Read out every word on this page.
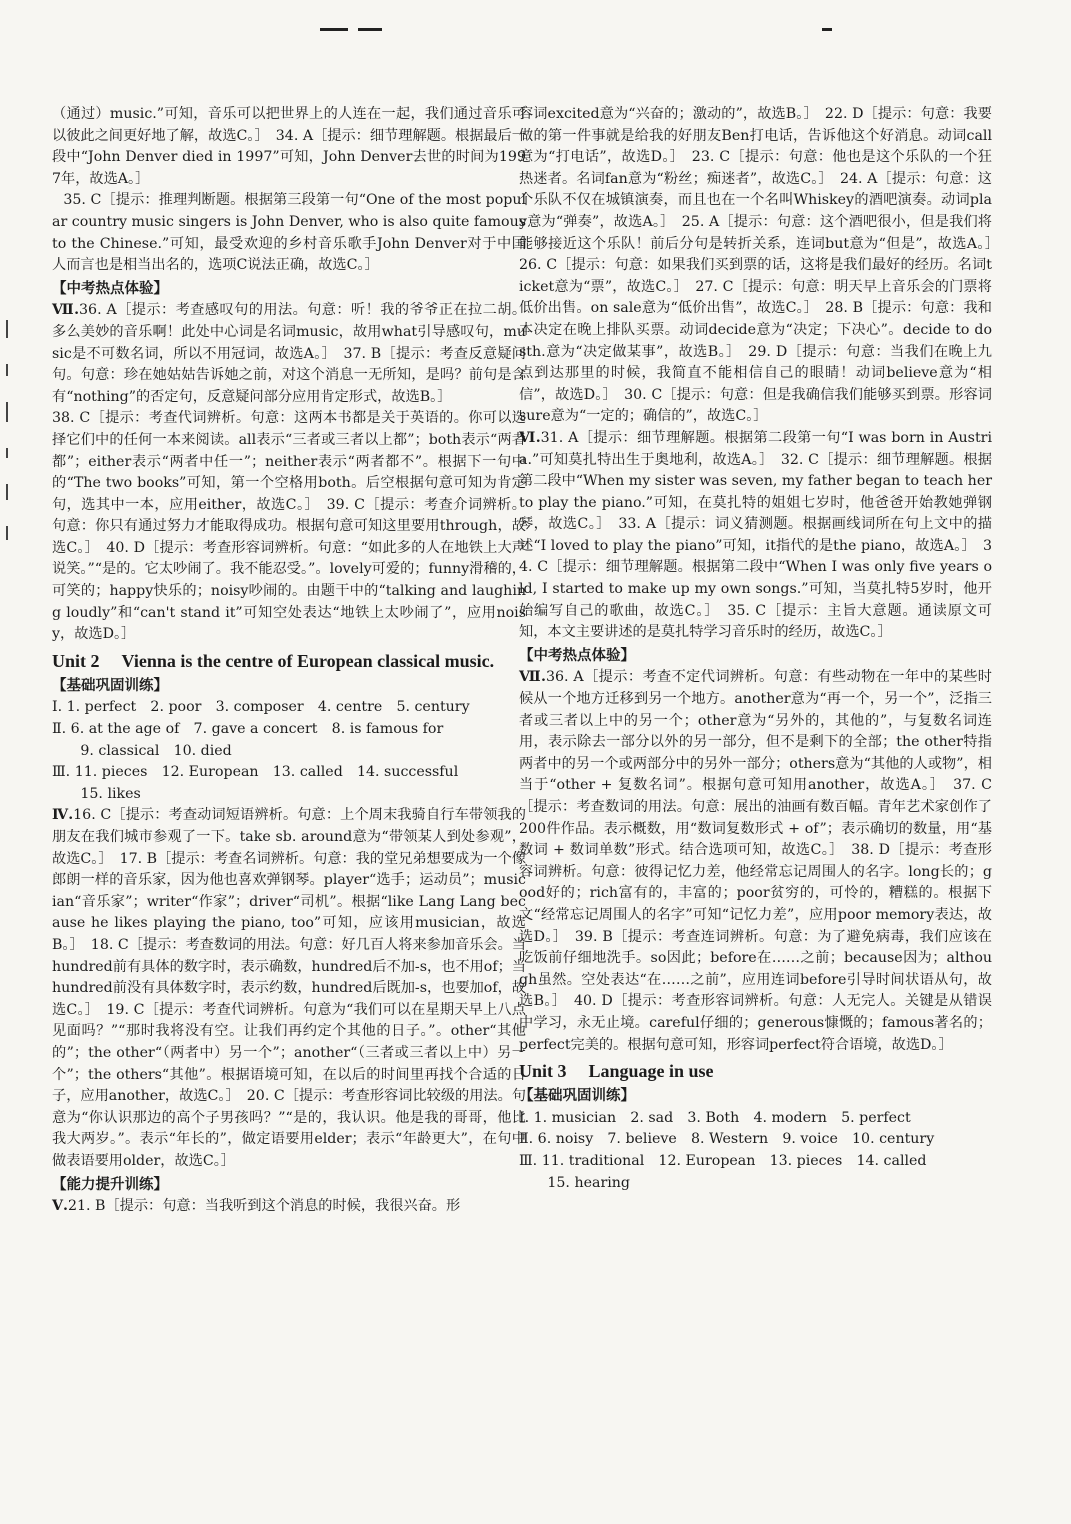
（通过）music.”可知，音乐可以把世界上的人连在一起，我们通过音乐可以彼此之间更好地了解，故选C。］　34. A［提示：细节理解题。根据最后一段中“John Denver died in 1997”可知，John Denver去世的时间为1997年，故选A。］

35. C［提示：推理判断题。根据第三段第一句“One of the most popular country music singers is John Denver, who is also quite famous to the Chinese.”可知，最受欢迎的乡村音乐歌手John Denver对于中国人而言也是相当出名的，选项C说法正确，故选C。］

【中考热点体验】

Ⅶ.36. A［提示：考查感叹句的用法。句意：听！我的爷爷正在拉二胡。多么美妙的音乐啊！此处中心词是名词music，故用what引导感叹句，music是不可数名词，所以不用冠词，故选A。］　37. B［提示：考查反意疑问句。句意：珍在她姑姑告诉她之前，对这个消息一无所知，是吗？前句是含有“nothing”的否定句，反意疑问部分应用肯定形式，故选B。］

38. C［提示：考查代词辨析。句意：这两本书都是关于英语的。你可以选择它们中的任何一本来阅读。all表示“三者或三者以上都”；both表示“两者都”；either表示“两者中任一”；neither表示“两者都不”。根据下一句中的“The two books”可知，第一个空格用both。后空根据句意可知为肯定句，选其中一本，应用either，故选C。］　39. C［提示：考查介词辨析。句意：你只有通过努力才能取得成功。根据句意可知这里要用through，故选C。］　40. D［提示：考查形容词辨析。句意：“如此多的人在地铁上大声说笑。”“是的。它太吵闹了。我不能忍受。”。lovely可爱的；funny滑稽的，可笑的；happy快乐的；noisy吵闹的。由题干中的“talking and laughing loudly”和“can't stand it”可知空处表达“地铁上太吵闹了”，应用noisy，故选D。］

Unit 2 Vienna is the centre of European classical music.
【基础巩固训练】

Ⅰ. 1. perfect　2. poor　3. composer　4. centre　5. century

Ⅱ. 6. at the age of　7. gave a concert　8. is famous for

　　9. classical　10. died

Ⅲ. 11. pieces　12. European　13. called　14. successful

　　15. likes

Ⅳ.16. C［提示：考查动词短语辨析。句意：上个周末我骑自行车带领我的朋友在我们城市参观了一下。take sb. around意为“带领某人到处参观”，故选C。］　17. B［提示：考查名词辨析。句意：我的堂兄弟想要成为一个像郎朗一样的音乐家，因为他也喜欢弹钢琴。player“选手；运动员”；musician“音乐家”；writer“作家”；driver“司机”。根据“like Lang Lang because he likes playing the piano, too”可知，应该用musician，故选B。］　18. C［提示：考查数词的用法。句意：好几百人将来参加音乐会。当hundred前有具体的数字时，表示确数，hundred后不加-s，也不用of；当hundred前没有具体数字时，表示约数，hundred后既加-s，也要加of，故选C。］　19. C［提示：考查代词辨析。句意为“我们可以在星期天早上八点见面吗？”“那时我将没有空。让我们再约定个其他的日子。”。other“其他的”；the other“（两者中）另一个”；another“（三者或三者以上中）另一个”；the others“其他”。根据语境可知，在以后的时间里再找个合适的日子，应用another，故选C。］　20. C［提示：考查形容词比较级的用法。句意为“你认识那边的高个子男孩吗？”“是的，我认识。他是我的哥哥，他比我大两岁。”。表示“年长的”，做定语要用elder；表示“年龄更大”，在句中做表语要用older，故选C。］

【能力提升训练】

Ⅴ.21. B［提示：句意：当我听到这个消息的时候，我很兴奋。形

容词excited意为“兴奋的；激动的”，故选B。］　22. D［提示：句意：我要做的第一件事就是给我的好朋友Ben打电话，告诉他这个好消息。动词call意为“打电话”，故选D。］　23. C［提示：句意：他也是这个乐队的一个狂热迷者。名词fan意为“粉丝；痴迷者”，故选C。］　24. A［提示：句意：这个乐队不仅在城镇演奏，而且也在一个名叫Whiskey的酒吧演奏。动词play意为“弹奏”，故选A。］　25. A［提示：句意：这个酒吧很小，但是我们将能够接近这个乐队！前后分句是转折关系，连词but意为“但是”，故选A。］　26. C［提示：句意：如果我们买到票的话，这将是我们最好的经历。名词ticket意为“票”，故选C。］　27. C［提示：句意：明天早上音乐会的门票将低价出售。on sale意为“低价出售”，故选C。］　28. B［提示：句意：我和本决定在晚上排队买票。动词decide意为“决定；下决心”。decide to do sth.意为“决定做某事”，故选B。］　29. D［提示：句意：当我们在晚上九点到达那里的时候，我简直不能相信自己的眼睛！动词believe意为“相信”，故选D。］　30. C［提示：句意：但是我确信我们能够买到票。形容词sure意为“一定的；确信的”，故选C。］

Ⅵ.31. A［提示：细节理解题。根据第二段第一句“I was born in Austria.”可知莫扎特出生于奥地利，故选A。］　32. C［提示：细节理解题。根据第二段中“When my sister was seven, my father began to teach her to play the piano.”可知，在莫扎特的姐姐七岁时，他爸爸开始教她弹钢琴，故选C。］　33. A［提示：词义猜测题。根据画线词所在句上文中的描述“I loved to play the piano”可知，it指代的是the piano，故选A。］　34. C［提示：细节理解题。根据第二段中“When I was only five years old, I started to make up my own songs.”可知，当莫扎特5岁时，他开始编写自己的歌曲，故选C。］　35. C［提示：主旨大意题。通读原文可知，本文主要讲述的是莫扎特学习音乐时的经历，故选C。］

【中考热点体验】

Ⅶ.36. A［提示：考查不定代词辨析。句意：有些动物在一年中的某些时候从一个地方迁移到另一个地方。another意为“再一个，另一个”，泛指三者或三者以上中的另一个；other意为“另外的，其他的”，与复数名词连用，表示除去一部分以外的另一部分，但不是剩下的全部；the other特指两者中的另一个或两部分中的另外一部分；others意为“其他的人或物”，相当于“other + 复数名词”。根据句意可知用another，故选A。］　37. C［提示：考查数词的用法。句意：展出的油画有数百幅。青年艺术家创作了200件作品。表示概数，用“数词复数形式 + of”；表示确切的数量，用“基数词 + 数词单数”形式。结合选项可知，故选C。］　38. D［提示：考查形容词辨析。句意：彼得记忆力差，他经常忘记周围人的名字。long长的；good好的；rich富有的，丰富的；poor贫穷的，可怜的，糟糕的。根据下文“经常忘记周围人的名字”可知“记忆力差”，应用poor memory表达，故选D。］　39. B［提示：考查连词辨析。句意：为了避免病毒，我们应该在吃饭前仔细地洗手。so因此；before在……之前；because因为；although虽然。空处表达“在……之前”，应用连词before引导时间状语从句，故选B。］　40. D［提示：考查形容词辨析。句意：人无完人。关键是从错误中学习，永无止境。careful仔细的；generous慷慨的；famous著名的；perfect完美的。根据句意可知，形容词perfect符合语境，故选D。］

Unit 3 Language in use
【基础巩固训练】

Ⅰ. 1. musician　2. sad　3. Both　4. modern　5. perfect

Ⅱ. 6. noisy　7. believe　8. Western　9. voice　10. century

Ⅲ. 11. traditional　12. European　13. pieces　14. called

　　15. hearing
